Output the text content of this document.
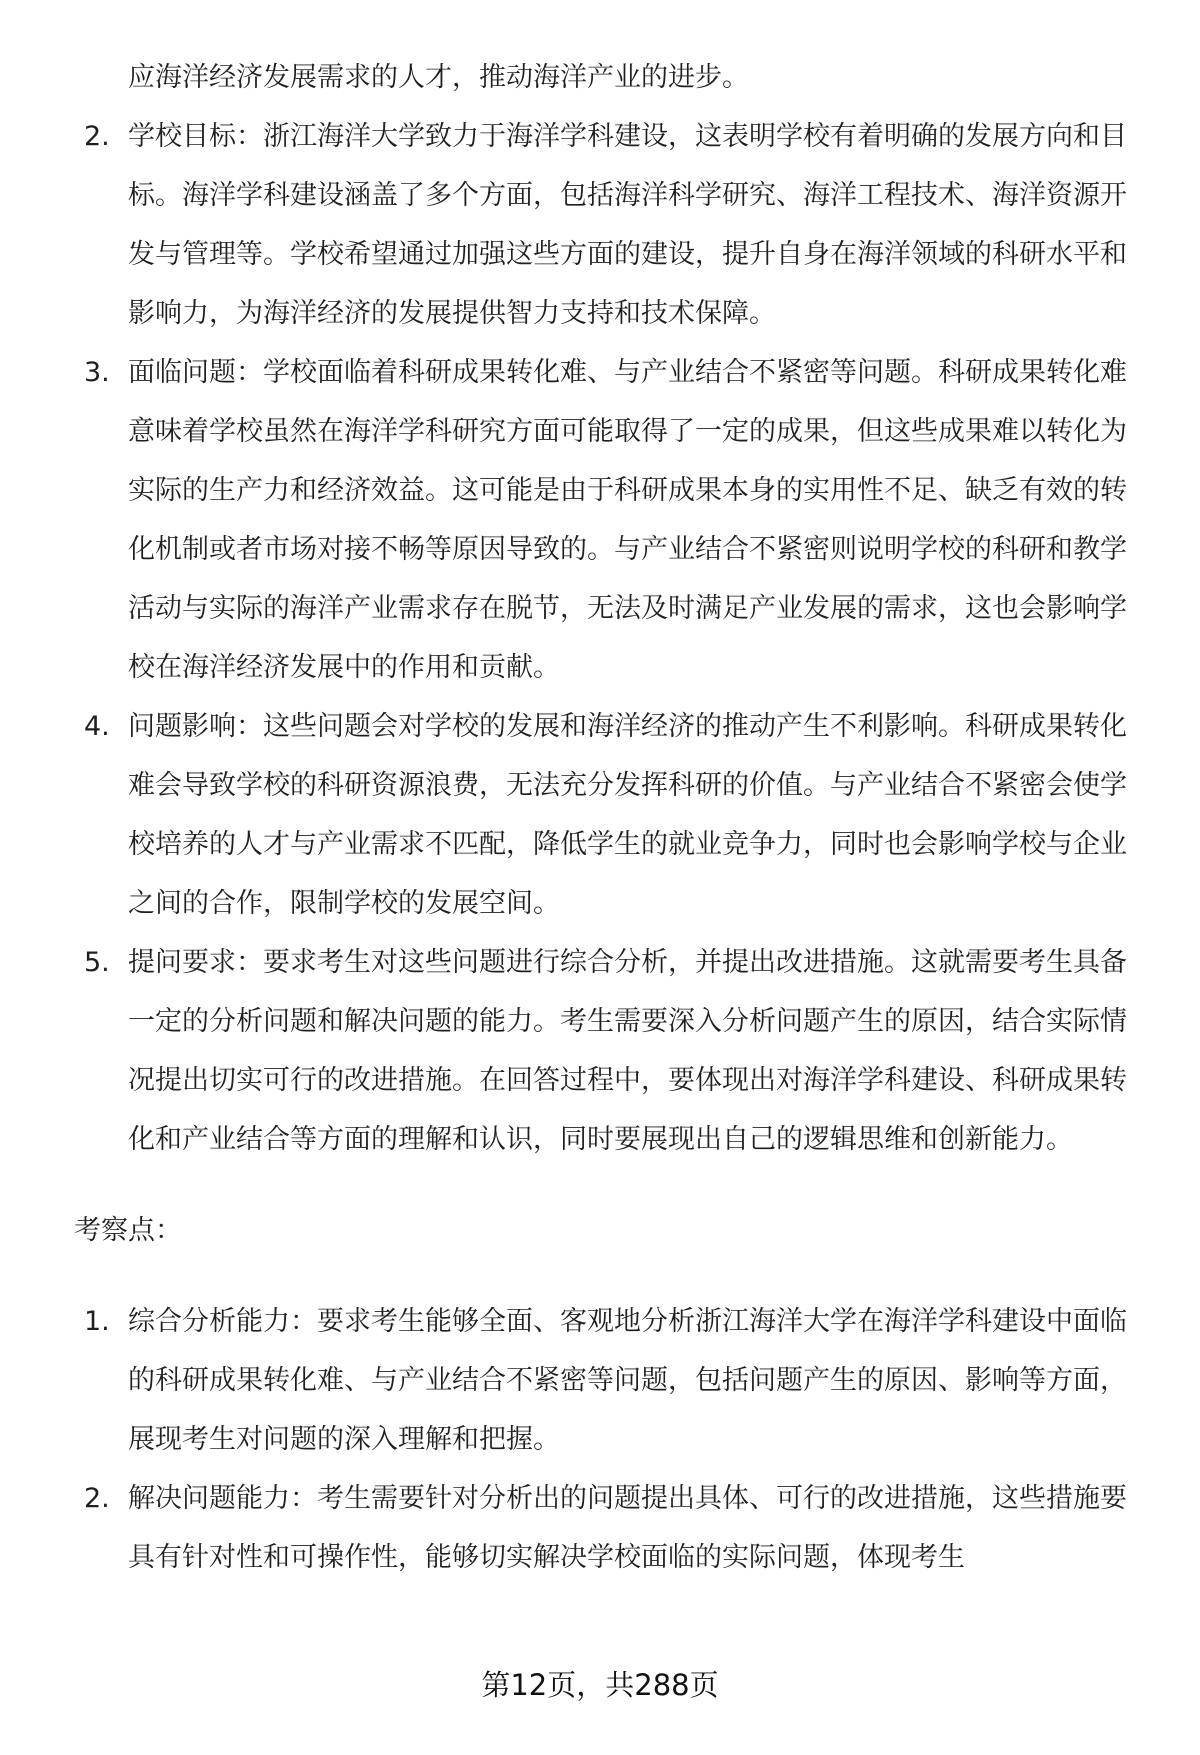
应海洋经济发展需求的人才，推动海洋产业的进步。
2. 学校目标：浙江海洋大学致力于海洋学科建设，这表明学校有着明确的发展方向和目标。海洋学科建设涵盖了多个方面，包括海洋科学研究、海洋工程技术、海洋资源开发与管理等。学校希望通过加强这些方面的建设，提升自身在海洋领域的科研水平和影响力，为海洋经济的发展提供智力支持和技术保障。
3. 面临问题：学校面临着科研成果转化难、与产业结合不紧密等问题。科研成果转化难意味着学校虽然在海洋学科研究方面可能取得了一定的成果，但这些成果难以转化为实际的生产力和经济效益。这可能是由于科研成果本身的实用性不足、缺乏有效的转化机制或者市场对接不畅等原因导致的。与产业结合不紧密则说明学校的科研和教学活动与实际的海洋产业需求存在脱节，无法及时满足产业发展的需求，这也会影响学校在海洋经济发展中的作用和贡献。
4. 问题影响：这些问题会对学校的发展和海洋经济的推动产生不利影响。科研成果转化难会导致学校的科研资源浪费，无法充分发挥科研的价值。与产业结合不紧密会使学校培养的人才与产业需求不匹配，降低学生的就业竞争力，同时也会影响学校与企业之间的合作，限制学校的发展空间。
5. 提问要求：要求考生对这些问题进行综合分析，并提出改进措施。这就需要考生具备一定的分析问题和解决问题的能力。考生需要深入分析问题产生的原因，结合实际情况提出切实可行的改进措施。在回答过程中，要体现出对海洋学科建设、科研成果转化和产业结合等方面的理解和认识，同时要展现出自己的逻辑思维和创新能力。
考察点：
1. 综合分析能力：要求考生能够全面、客观地分析浙江海洋大学在海洋学科建设中面临的科研成果转化难、与产业结合不紧密等问题，包括问题产生的原因、影响等方面，展现考生对问题的深入理解和把握。
2. 解决问题能力：考生需要针对分析出的问题提出具体、可行的改进措施，这些措施要具有针对性和可操作性，能够切实解决学校面临的实际问题，体现考生
第12页，共288页
